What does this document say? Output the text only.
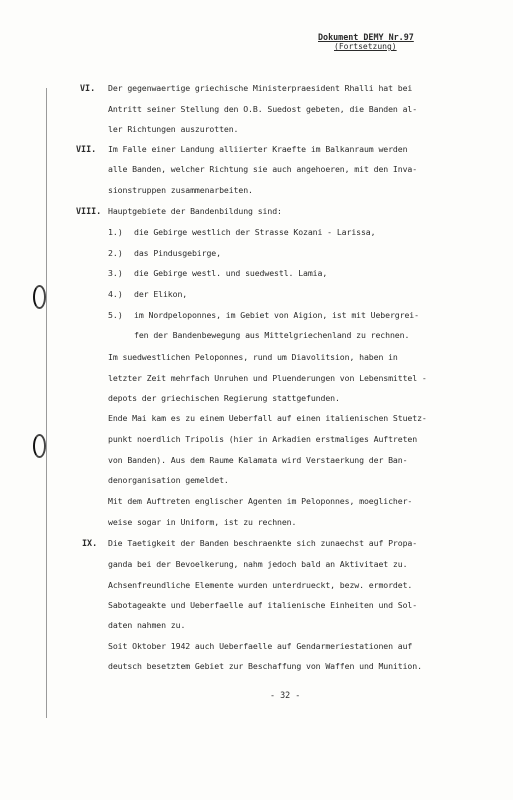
Dokument DEMY Nr.97
(Fortsetzung)
VI. Der gegenwaertige griechische Ministerpraesident Rhalli hat bei
Antritt seiner Stellung den O.B. Suedost gebeten, die Banden al-
ler Richtungen auszurotten.
VII. Im Falle einer Landung alliierter Kraefte im Balkanraum werden
alle Banden, welcher Richtung sie auch angehoeren, mit den Inva-
sionstruppen zusammenarbeiten.
VIII. Hauptgebiete der Bandenbildung sind:
1.) die Gebirge westlich der Strasse Kozani - Larissa,
2.) das Pindusgebirge,
3.) die Gebirge westl. und suedwestl. Lamia,
4.) der Elikon,
5.) im Nordpeloponnes, im Gebiet von Aigion, ist mit Uebergrei-
fen der Bandenbewegung aus Mittelgriechenland zu rechnen.
Im suedwestlichen Peloponnes, rund um Diavolitsion, haben in
letzter Zeit mehrfach Unruhen und Pluenderungen von Lebensmittel -
depots der griechischen Regierung stattgefunden.
Ende Mai kam es zu einem Ueberfall auf einen italienischen Stuetz-
punkt noerdlich Tripolis (hier in Arkadien erstmaliges Auftreten
von Banden). Aus dem Raume Kalamata wird Verstaerkung der Ban-
denorganisation gemeldet.
Mit dem Auftreten englischer Agenten im Peloponnes, moeglicher-
weise sogar in Uniform, ist zu rechnen.
IX. Die Taetigkeit der Banden beschraenkte sich zunaechst auf Propa-
ganda bei der Bevoelkerung, nahm jedoch bald an Aktivitaet zu.
Achsenfreundliche Elemente wurden unterdrueckt, bezw. ermordet.
Sabotageakte und Ueberfaelle auf italienische Einheiten und Sol-
daten nahmen zu.
Soit Oktober 1942 auch Ueberfaelle auf Gendarmeriestationen auf
deutsch besetztem Gebiet zur Beschaffung von Waffen und Munition.
- 32 -
